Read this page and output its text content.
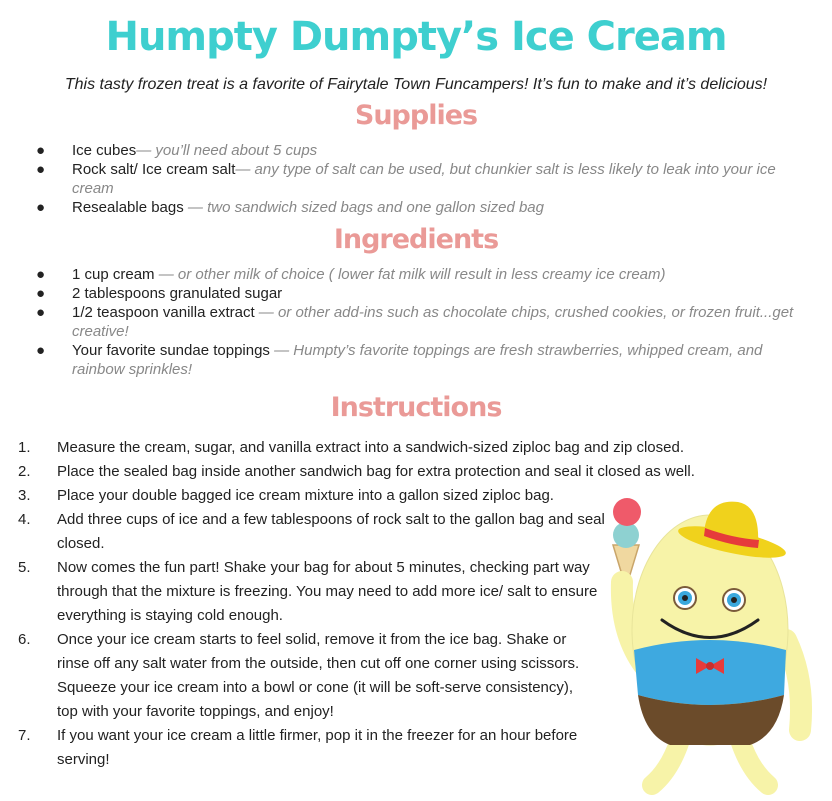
Humpty Dumpty’s Ice Cream
This tasty frozen treat is a favorite of Fairytale Town Funcampers! It’s fun to make and it’s delicious!
Supplies
● Ice cubes— you’ll need about 5 cups
● Rock salt/ Ice cream salt— any type of salt can be used, but chunkier salt is less likely to leak into your ice cream
● Resealable bags — two sandwich sized bags and one gallon sized bag
Ingredients
● 1 cup cream — or other milk of choice ( lower fat milk will result in less creamy ice cream)
● 2 tablespoons granulated sugar
● 1/2 teaspoon vanilla extract — or other add-ins such as chocolate chips, crushed cookies, or frozen fruit...get creative!
● Your favorite sundae toppings — Humpty’s favorite toppings are fresh strawberries, whipped cream, and rainbow sprinkles!
Instructions
1. Measure the cream, sugar, and vanilla extract into a sandwich-sized ziploc bag and zip closed.
2. Place the sealed bag inside another sandwich bag for extra protection and seal it closed as well.
3. Place your double bagged ice cream mixture into a gallon sized ziploc bag.
4. Add three cups of ice and a few tablespoons of rock salt to the gallon bag and seal closed.
5. Now comes the fun part! Shake your bag for about 5 minutes, checking part way through that the mixture is freezing. You may need to add more ice/ salt to ensure everything is staying cold enough.
6. Once your ice cream starts to feel solid, remove it from the ice bag. Shake or rinse off any salt water from the outside, then cut off one corner using scissors. Squeeze your ice cream into a bowl or cone (it will be soft-serve consistency), top with your favorite toppings, and enjoy!
7. If you want your ice cream a little firmer, pop it in the freezer for an hour before serving!
